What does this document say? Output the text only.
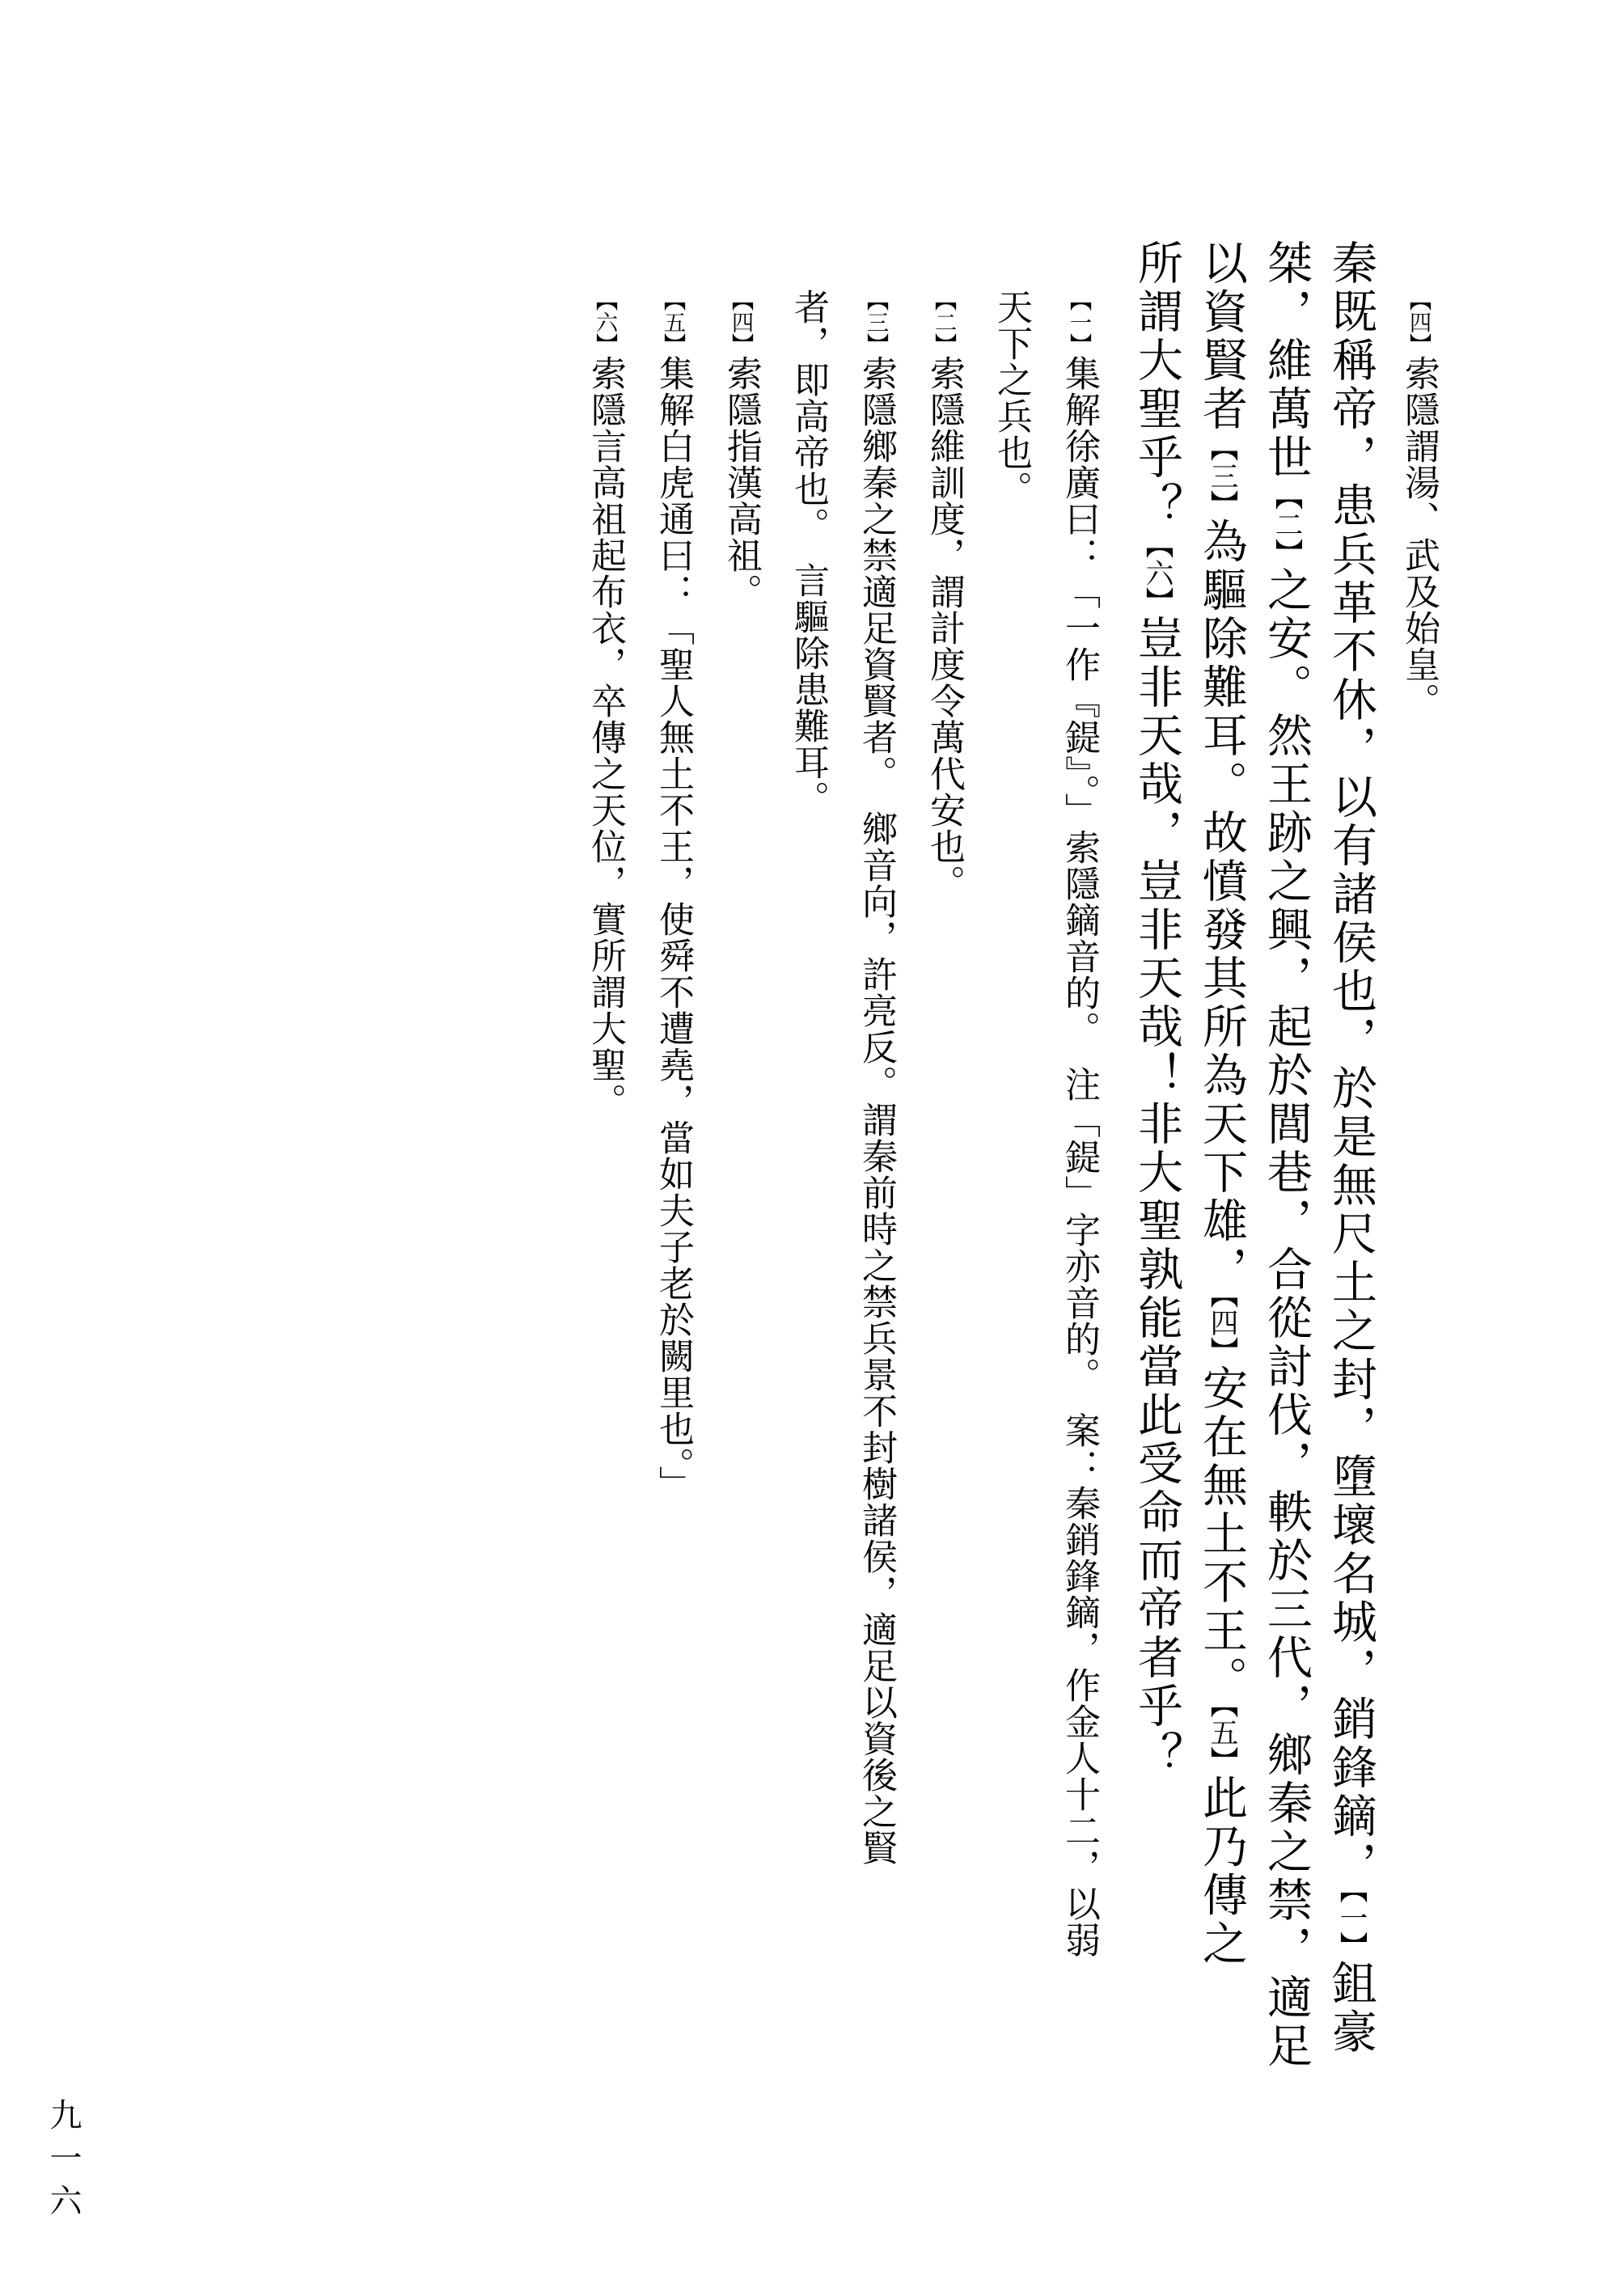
【四】索隱謂湯、武及始皇。
秦既稱帝，患兵革不休，以有諸侯也，於是無尺土之封，墮壞名城，銷鋒鏑，【一】鉏豪
桀，維萬世【二】之安。然王跡之興，起於閭巷，合從討伐，軼於三代，鄉秦之禁，適足
以資賢者【三】為驅除難耳。故憤發其所為天下雄，【四】安在無土不王。【五】此乃傳之
所謂大聖乎？【六】豈非天哉，豈非天哉！非大聖孰能當此受命而帝者乎？
【一】集解徐廣曰：「一作『鍉』。」索隱鏑音的。　注「鍉」字亦音的。　案：秦銷鋒鏑，作金人十二，以弱
天下之兵也。
【二】索隱維訓度，謂計度令萬代安也。
【三】索隱鄉秦之禁適足資賢者。　鄉音向，許亮反。謂秦前時之禁兵景不封樹諸侯，適足以資後之賢
者，即高帝也。　言驅除患難耳。
【四】索隱指漢高祖。
【五】集解白虎通曰：「聖人無土不王，使舜不遭堯，當如夫子老於闕里也。」
【六】索隱言高祖起布衣，卒傳之天位，實所謂大聖。
九一六
